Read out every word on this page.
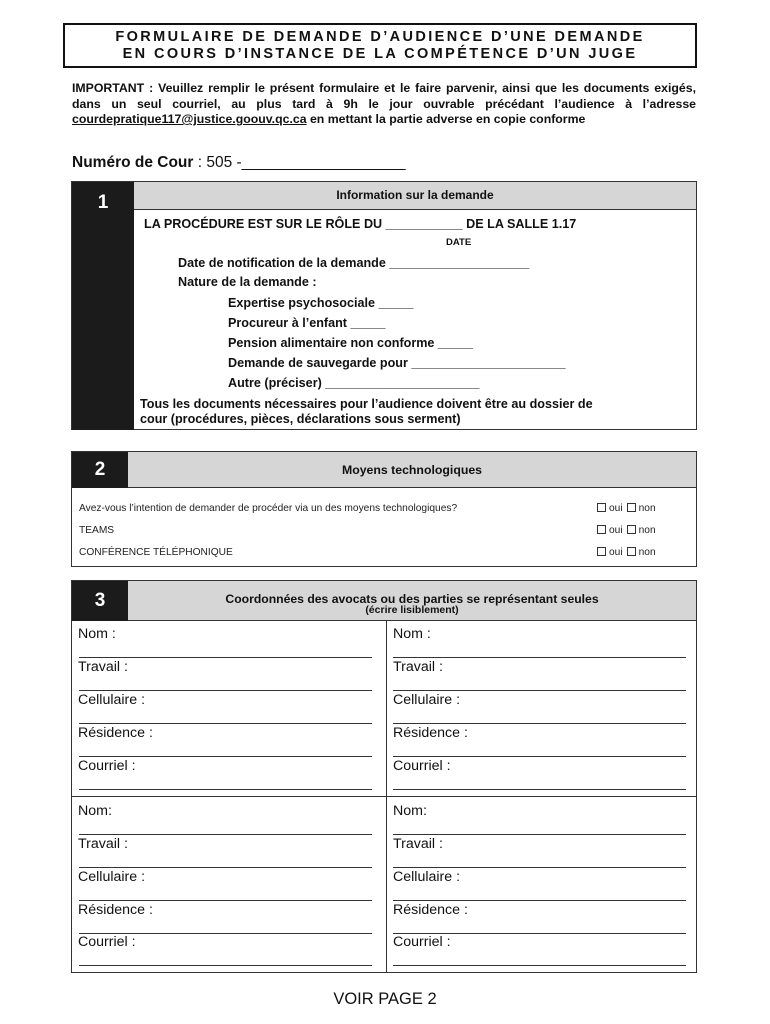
FORMULAIRE DE DEMANDE D’AUDIENCE D’UNE DEMANDE
EN COURS D’INSTANCE DE LA COMPÉTENCE D’UN JUGE
IMPORTANT : Veuillez remplir le présent formulaire et le faire parvenir, ainsi que les documents exigés, dans un seul courriel, au plus tard à 9h le jour ouvrable précédant l’audience à l’adresse courdepratique117@justice.goouv.qc.ca en mettant la partie adverse en copie conforme
Numéro de Cour : 505 -___________________
1	Information sur la demande
LA PROCÉDURE EST SUR LE RÔLE DU ___________ DE LA SALLE 1.17
DATE
Date de notification de la demande ____________________
Nature de la demande :
Expertise psychosociale _____
Procureur à l’enfant _____
Pension alimentaire non conforme _____
Demande de sauvegarde pour ______________________
Autre (préciser) ______________________
Tous les documents nécessaires pour l’audience doivent être au dossier de
cour (procédures, pièces, déclarations sous serment)
2	Moyens technologiques
Avez-vous l’intention de demander de procéder via un des moyens technologiques?	oui non
TEAMS	oui non
CONFÉRENCE TÉLÉPHONIQUE	oui non
3	Coordonnées des avocats ou des parties se représentant seules
(écrire lisiblement)
Nom :
Travail :
Cellulaire :
Résidence :
Courriel :
Nom :
Travail :
Cellulaire :
Résidence :
Courriel :
Nom:
Travail :
Cellulaire :
Résidence :
Courriel :
Nom:
Travail :
Cellulaire :
Résidence :
Courriel :
VOIR PAGE 2
